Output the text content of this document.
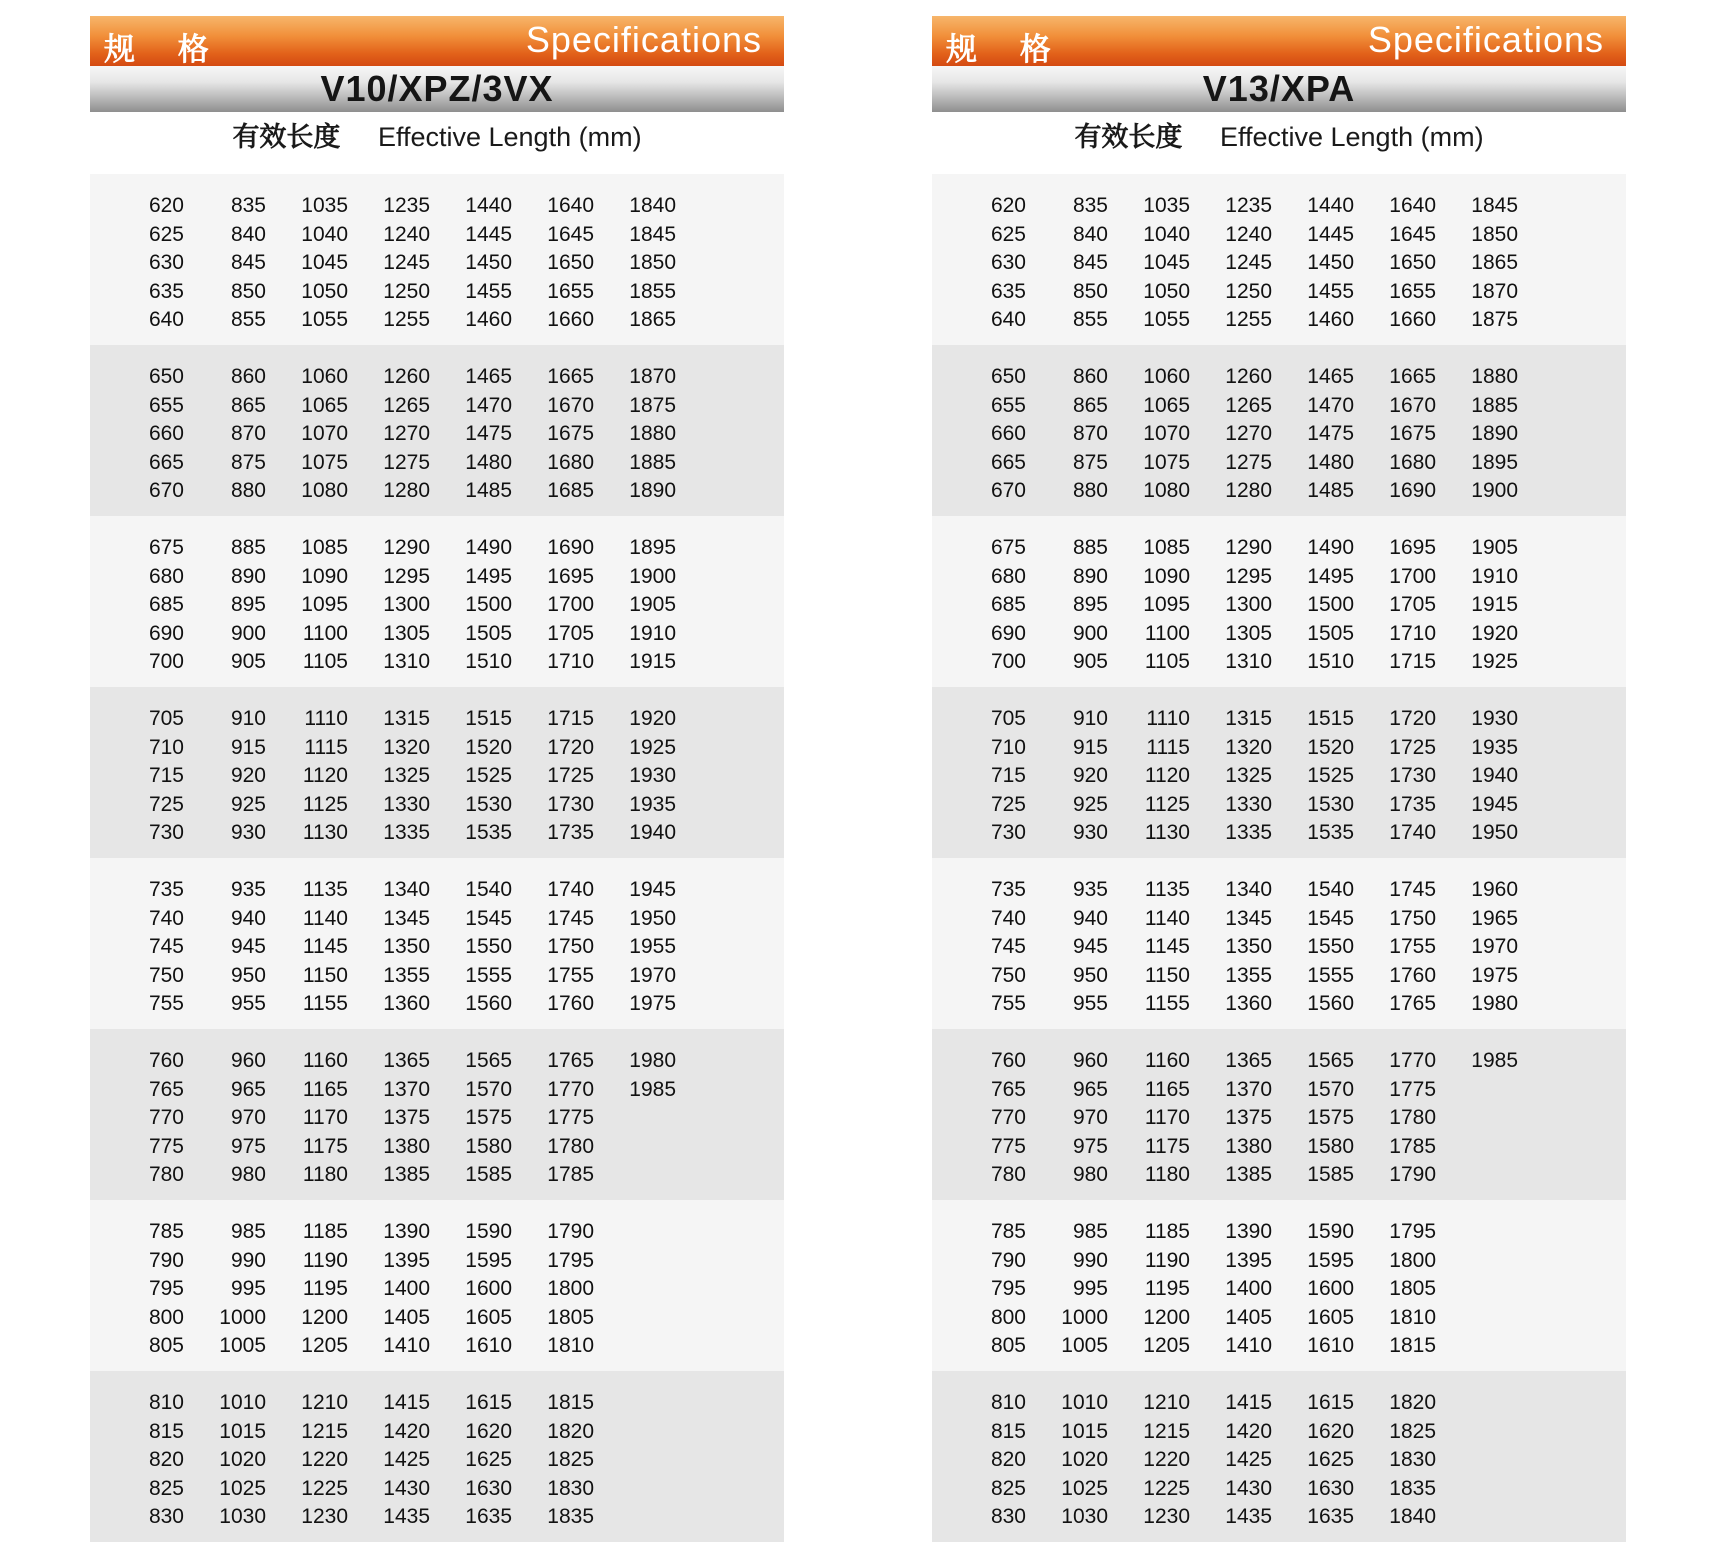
规 格	Specifications
V10/XPZ/3VX
有效长度 Effective Length (mm)
620	835	1035	1235	1440	1640	1840
625	840	1040	1240	1445	1645	1845
630	845	1045	1245	1450	1650	1850
635	850	1050	1250	1455	1655	1855
640	855	1055	1255	1460	1660	1865
650	860	1060	1260	1465	1665	1870
655	865	1065	1265	1470	1670	1875
660	870	1070	1270	1475	1675	1880
665	875	1075	1275	1480	1680	1885
670	880	1080	1280	1485	1685	1890
675	885	1085	1290	1490	1690	1895
680	890	1090	1295	1495	1695	1900
685	895	1095	1300	1500	1700	1905
690	900	1100	1305	1505	1705	1910
700	905	1105	1310	1510	1710	1915
705	910	1110	1315	1515	1715	1920
710	915	1115	1320	1520	1720	1925
715	920	1120	1325	1525	1725	1930
725	925	1125	1330	1530	1730	1935
730	930	1130	1335	1535	1735	1940
735	935	1135	1340	1540	1740	1945
740	940	1140	1345	1545	1745	1950
745	945	1145	1350	1550	1750	1955
750	950	1150	1355	1555	1755	1970
755	955	1155	1360	1560	1760	1975
760	960	1160	1365	1565	1765	1980
765	965	1165	1370	1570	1770	1985
770	970	1170	1375	1575	1775
775	975	1175	1380	1580	1780
780	980	1180	1385	1585	1785
785	985	1185	1390	1590	1790
790	990	1190	1395	1595	1795
795	995	1195	1400	1600	1800
800	1000	1200	1405	1605	1805
805	1005	1205	1410	1610	1810
810	1010	1210	1415	1615	1815
815	1015	1215	1420	1620	1820
820	1020	1220	1425	1625	1825
825	1025	1225	1430	1630	1830
830	1030	1230	1435	1635	1835
规 格	Specifications
V13/XPA
有效长度 Effective Length (mm)
620	835	1035	1235	1440	1640	1845
625	840	1040	1240	1445	1645	1850
630	845	1045	1245	1450	1650	1865
635	850	1050	1250	1455	1655	1870
640	855	1055	1255	1460	1660	1875
650	860	1060	1260	1465	1665	1880
655	865	1065	1265	1470	1670	1885
660	870	1070	1270	1475	1675	1890
665	875	1075	1275	1480	1680	1895
670	880	1080	1280	1485	1690	1900
675	885	1085	1290	1490	1695	1905
680	890	1090	1295	1495	1700	1910
685	895	1095	1300	1500	1705	1915
690	900	1100	1305	1505	1710	1920
700	905	1105	1310	1510	1715	1925
705	910	1110	1315	1515	1720	1930
710	915	1115	1320	1520	1725	1935
715	920	1120	1325	1525	1730	1940
725	925	1125	1330	1530	1735	1945
730	930	1130	1335	1535	1740	1950
735	935	1135	1340	1540	1745	1960
740	940	1140	1345	1545	1750	1965
745	945	1145	1350	1550	1755	1970
750	950	1150	1355	1555	1760	1975
755	955	1155	1360	1560	1765	1980
760	960	1160	1365	1565	1770	1985
765	965	1165	1370	1570	1775
770	970	1170	1375	1575	1780
775	975	1175	1380	1580	1785
780	980	1180	1385	1585	1790
785	985	1185	1390	1590	1795
790	990	1190	1395	1595	1800
795	995	1195	1400	1600	1805
800	1000	1200	1405	1605	1810
805	1005	1205	1410	1610	1815
810	1010	1210	1415	1615	1820
815	1015	1215	1420	1620	1825
820	1020	1220	1425	1625	1830
825	1025	1225	1430	1630	1835
830	1030	1230	1435	1635	1840
